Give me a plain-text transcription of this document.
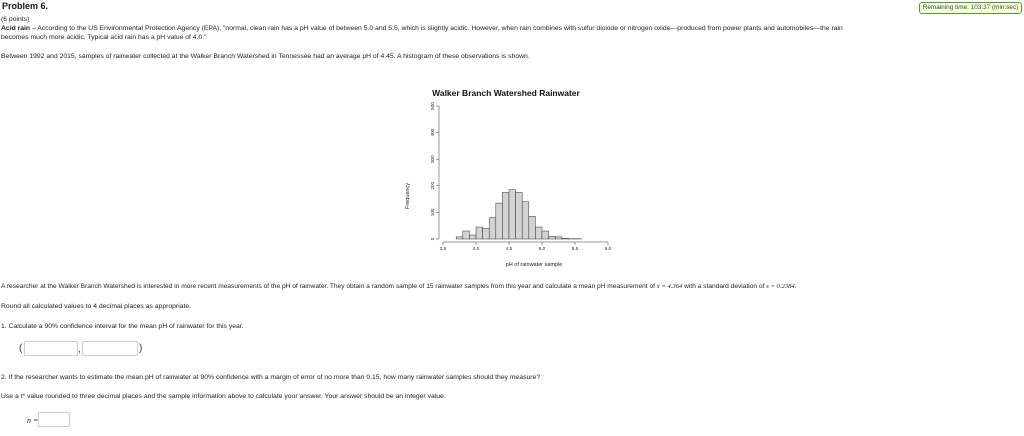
Problem 6.	Remaining time: 103:37 (min:sec)
(6 points)
Acid rain – According to the US Environmental Protection Agency (EPA), "normal, clean rain has a pH value of between 5.0 and 5.5, which is slightly acidic. However, when rain combines with sulfur dioxide or nitrogen oxide—produced from power plants and automobiles—the rain
becomes much more acidic. Typical acid rain has a pH value of 4.0."
Between 1992 and 2015, samples of rainwater collected at the Walker Branch Watershed in Tennessee had an average pH of 4.45. A histogram of these observations is shown.
Walker Branch Watershed Rainwater
Frequency
pH of rainwater sample
3.5	4.0	4.5	5.0	5.5	6.0
0
100
200
300
400
500
A researcher at the Walker Branch Watershed is interested in more recent measurements of the pH of rainwater. They obtain a random sample of 15 rainwater samples from this year and calculate a mean pH measurement of x̄ = 4.364 with a standard deviation of s = 0.2384.
Round all calculated values to 4 decimal places as appropriate.
1. Calculate a 90% confidence interval for the mean pH of rainwater for this year.
(	,	)
2. If the researcher wants to estimate the mean pH of rainwater at 90% confidence with a margin of error of no more than 0.15, how many rainwater samples should they measure?
Use a t* value rounded to three decimal places and the sample information above to calculate your answer. Your answer should be an integer value.
n =
